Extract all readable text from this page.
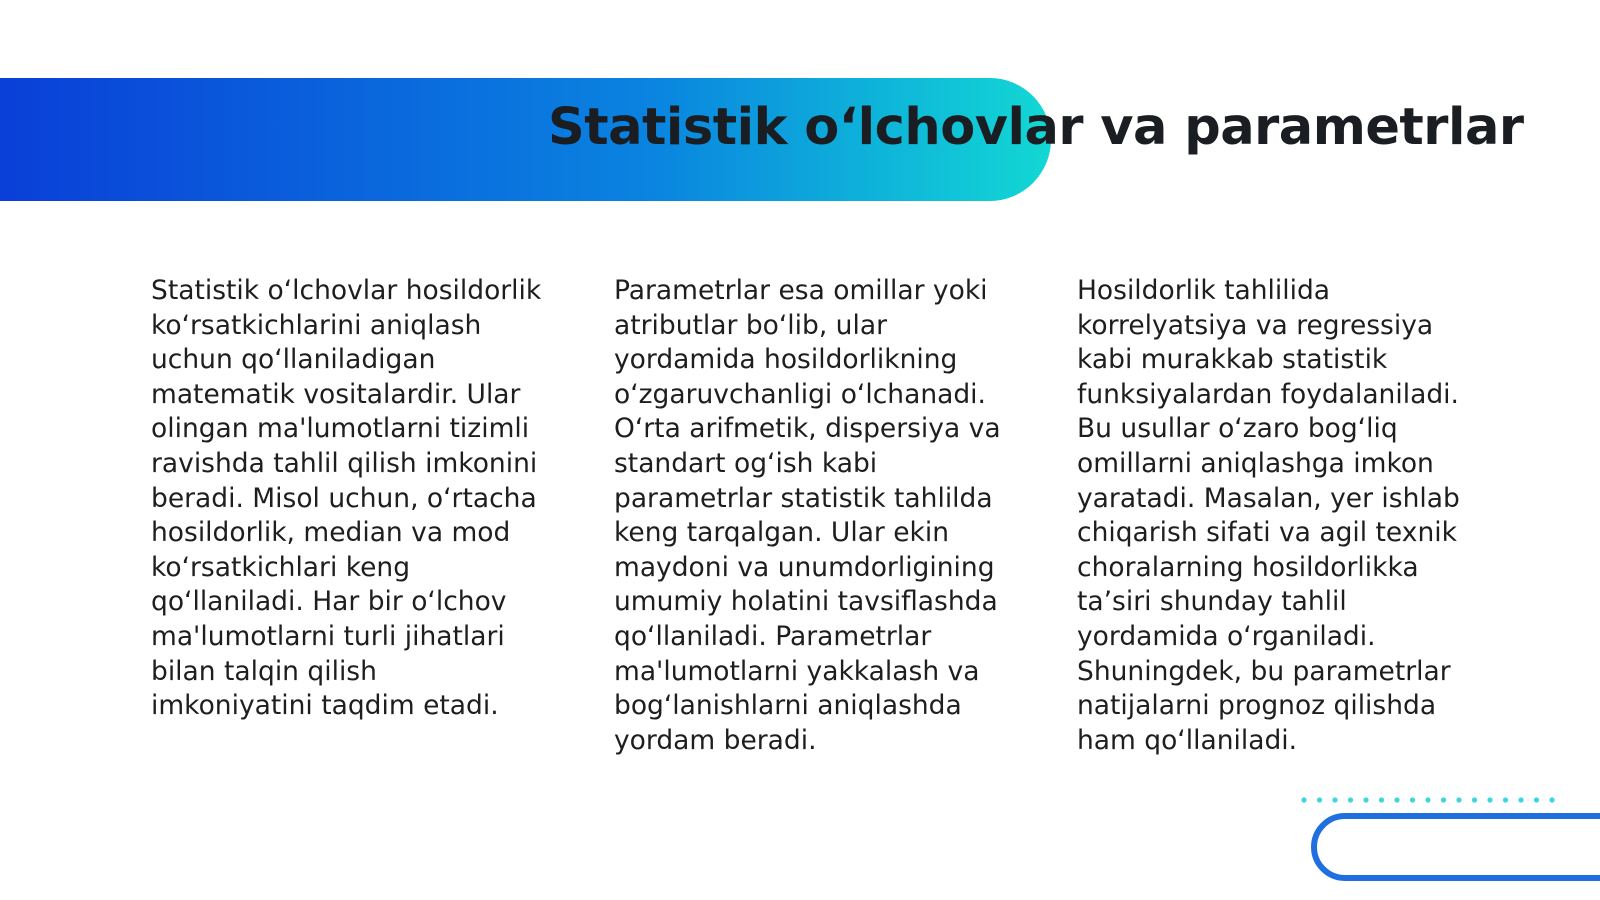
Statistik o‘lchovlar va parametrlar

Statistik o‘lchovlar hosildorlik ko‘rsatkichlarini aniqlash uchun qo‘llaniladigan matematik vositalardir. Ular olingan ma'lumotlarni tizimli ravishda tahlil qilish imkonini beradi. Misol uchun, o‘rtacha hosildorlik, median va mod ko‘rsatkichlari keng qo‘llaniladi. Har bir o‘lchov ma'lumotlarni turli jihatlari bilan talqin qilish imkoniyatini taqdim etadi.

Parametrlar esa omillar yoki atributlar bo‘lib, ular yordamida hosildorlikning o‘zgaruvchanligi o‘lchanadi. O‘rta arifmetik, dispersiya va standart og‘ish kabi parametrlar statistik tahlilda keng tarqalgan. Ular ekin maydoni va unumdorligining umumiy holatini tavsiflashda qo‘llaniladi. Parametrlar ma'lumotlarni yakkalash va bog‘lanishlarni aniqlashda yordam beradi.

Hosildorlik tahlilida korrelyatsiya va regressiya kabi murakkab statistik funksiyalardan foydalaniladi. Bu usullar o‘zaro bog‘liq omillarni aniqlashga imkon yaratadi. Masalan, yer ishlab chiqarish sifati va agil texnik choralarning hosildorlikka ta’siri shunday tahlil yordamida o‘rganiladi. Shuningdek, bu parametrlar natijalarni prognoz qilishda ham qo‘llaniladi.
